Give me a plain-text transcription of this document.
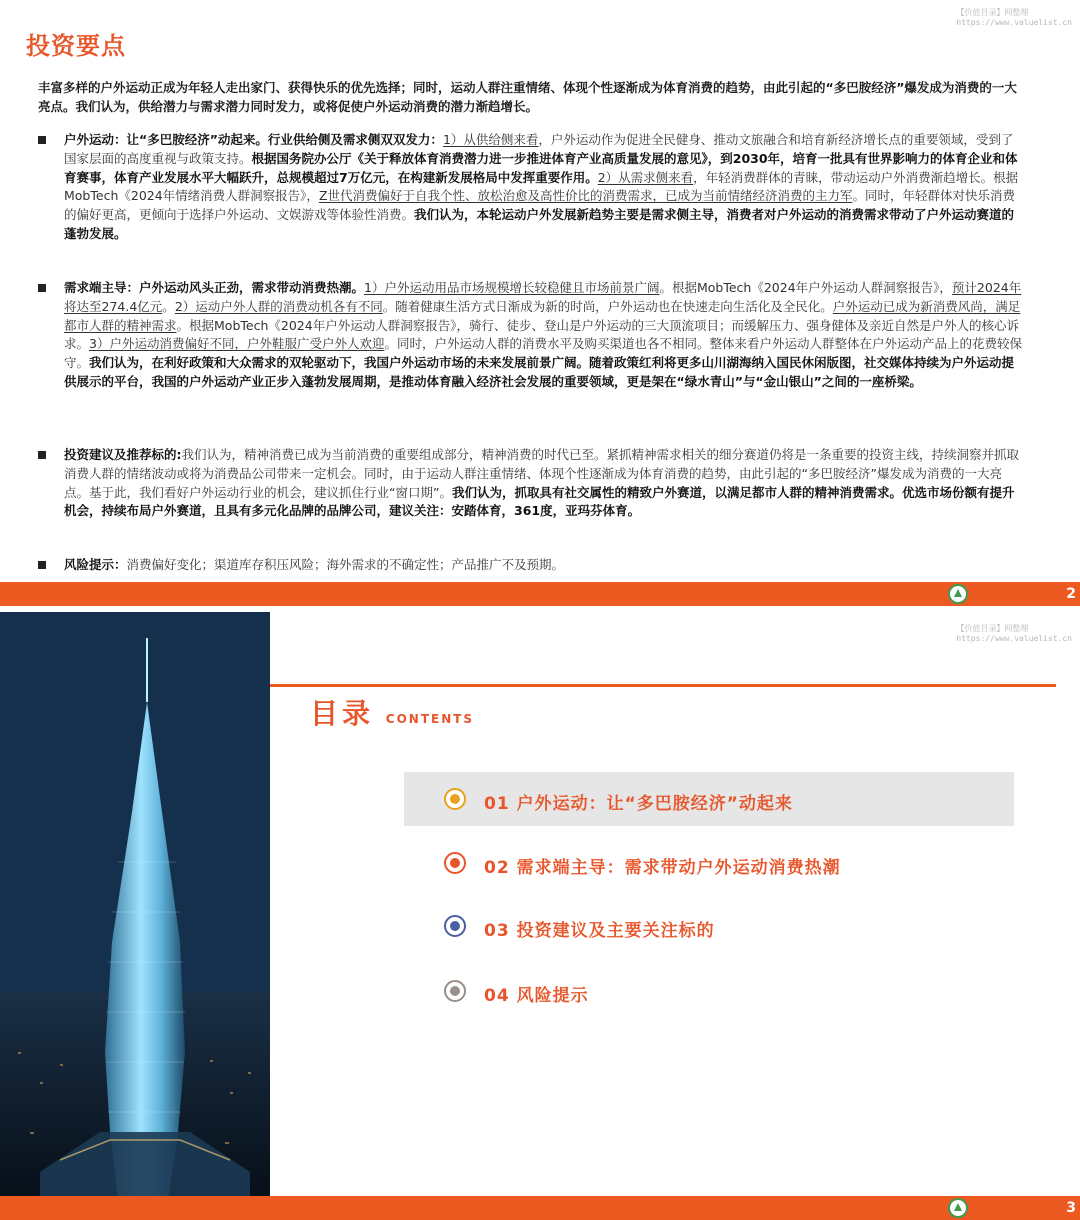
【价值目录】网整理
https://www.valuelist.cn
投资要点

丰富多样的户外运动正成为年轻人走出家门、获得快乐的优先选择；同时，运动人群注重情绪、体现个性逐渐成为体育消费的趋势，由此引起的“多巴胺经济”爆发成为消费的一大亮点。我们认为，供给潜力与需求潜力同时发力，或将促使户外运动消费的潜力渐趋增长。

户外运动：让“多巴胺经济”动起来。行业供给侧及需求侧双双发力：1）从供给侧来看，户外运动作为促进全民健身、推动文旅融合和培育新经济增长点的重要领域，受到了国家层面的高度重视与政策支持。根据国务院办公厅《关于释放体育消费潜力进一步推进体育产业高质量发展的意见》，到2030年，培育一批具有世界影响力的体育企业和体育赛事，体育产业发展水平大幅跃升，总规模超过7万亿元，在构建新发展格局中发挥重要作用。2）从需求侧来看，年轻消费群体的青睐，带动运动户外消费渐趋增长。根据MobTech《2024年情绪消费人群洞察报告》，Z世代消费偏好于自我个性、放松治愈及高性价比的消费需求，已成为当前情绪经济消费的主力军。同时，年轻群体对快乐消费的偏好更高，更倾向于选择户外运动、文娱游戏等体验性消费。我们认为，本轮运动户外发展新趋势主要是需求侧主导，消费者对户外运动的消费需求带动了户外运动赛道的蓬勃发展。
需求端主导：户外运动风头正劲，需求带动消费热潮。1）户外运动用品市场规模增长较稳健且市场前景广阔。根据MobTech《2024年户外运动人群洞察报告》，预计2024年将达至274.4亿元。2）运动户外人群的消费动机各有不同。随着健康生活方式日渐成为新的时尚，户外运动也在快速走向生活化及全民化。户外运动已成为新消费风尚，满足都市人群的精神需求。根据MobTech《2024年户外运动人群洞察报告》，骑行、徒步、登山是户外运动的三大顶流项目；而缓解压力、强身健体及亲近自然是户外人的核心诉求。3）户外运动消费偏好不同，户外鞋服广受户外人欢迎。同时，户外运动人群的消费水平及购买渠道也各不相同。整体来看户外运动人群整体在户外运动产品上的花费较保守。我们认为，在利好政策和大众需求的双轮驱动下，我国户外运动市场的未来发展前景广阔。随着政策红利将更多山川湖海纳入国民休闲版图，社交媒体持续为户外运动提供展示的平台，我国的户外运动产业正步入蓬勃发展周期，是推动体育融入经济社会发展的重要领域，更是架在“绿水青山”与“金山银山”之间的一座桥梁。
投资建议及推荐标的:我们认为，精神消费已成为当前消费的重要组成部分，精神消费的时代已至。紧抓精神需求相关的细分赛道仍将是一条重要的投资主线，持续洞察并抓取消费人群的情绪波动或将为消费品公司带来一定机会。同时，由于运动人群注重情绪、体现个性逐渐成为体育消费的趋势，由此引起的“多巴胺经济”爆发成为消费的一大亮点。基于此，我们看好户外运动行业的机会，建议抓住行业“窗口期”。我们认为，抓取具有社交属性的精致户外赛道，以满足都市人群的精神消费需求。优选市场份额有提升机会，持续布局户外赛道，且具有多元化品牌的品牌公司，建议关注：安踏体育，361度，亚玛芬体育。
风险提示：消费偏好变化；渠道库存积压风险；海外需求的不确定性；产品推广不及预期。
2
【价值目录】网整理
https://www.valuelist.cn
目录 CONTENTS
01 户外运动：让“多巴胺经济”动起来
02 需求端主导：需求带动户外运动消费热潮
03 投资建议及主要关注标的
04 风险提示
3
